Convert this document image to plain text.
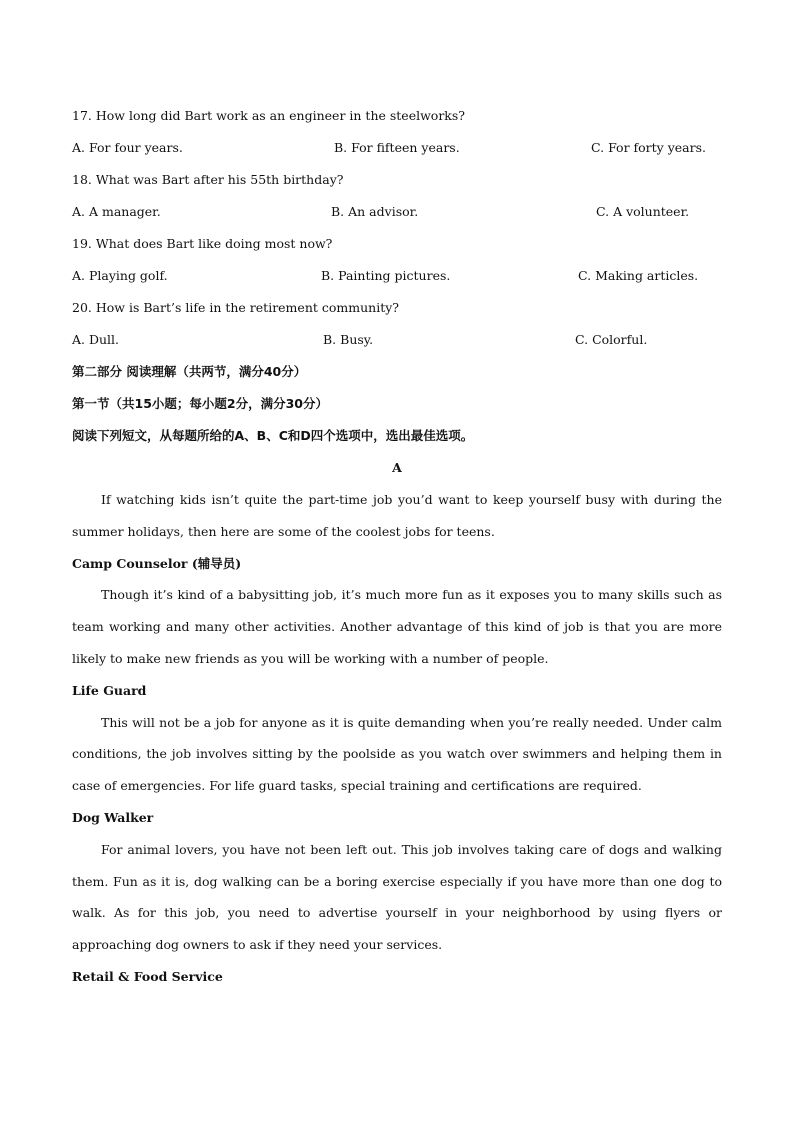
17. How long did Bart work as an engineer in the steelworks?
A. For four years.	B. For fifteen years.	C. For forty years.
18. What was Bart after his 55th birthday?
A. A manager.	B. An advisor.	C. A volunteer.
19. What does Bart like doing most now?
A. Playing golf.	B. Painting pictures.	C. Making articles.
20. How is Bart’s life in the retirement community?
A. Dull.	B. Busy.	C. Colorful.
第二部分 阅读理解（共两节，满分40分）
第一节（共15小题；每小题2分，满分30分）
阅读下列短文，从每题所给的A、B、C和D四个选项中，选出最佳选项。
A
If watching kids isn’t quite the part-time job you’d want to keep yourself busy with during the summer holidays, then here are some of the coolest jobs for teens.
Camp Counselor (辅导员)
Though it’s kind of a babysitting job, it’s much more fun as it exposes you to many skills such as team working and many other activities. Another advantage of this kind of job is that you are more likely to make new friends as you will be working with a number of people.
Life Guard
This will not be a job for anyone as it is quite demanding when you’re really needed. Under calm conditions, the job involves sitting by the poolside as you watch over swimmers and helping them in case of emergencies. For life guard tasks, special training and certifications are required.
Dog Walker
For animal lovers, you have not been left out. This job involves taking care of dogs and walking them. Fun as it is, dog walking can be a boring exercise especially if you have more than one dog to walk. As for this job, you need to advertise yourself in your neighborhood by using flyers or approaching dog owners to ask if they need your services.
Retail & Food Service
